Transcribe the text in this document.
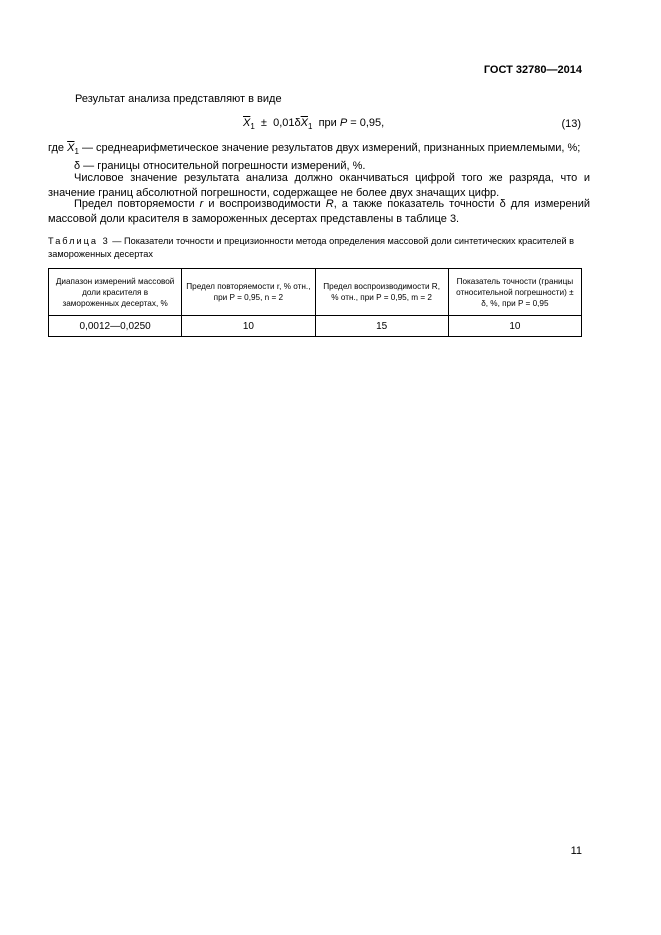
ГОСТ 32780—2014
Результат анализа представляют в виде
$\overline{X}_1 \pm 0,01\delta\overline{X}_1$ при P = 0,95,	(13)
где $\overline{X}_1$ — среднеарифметическое значение результатов двух измерений, признанных приемлемыми, %;
δ — границы относительной погрешности измерений, %.
Числовое значение результата анализа должно оканчиваться цифрой того же разряда, что и значение границ абсолютной погрешности, содержащее не более двух значащих цифр.
Предел повторяемости r и воспроизводимости R, а также показатель точности δ для измерений массовой доли красителя в замороженных десертах представлены в таблице 3.
Таблица 3 — Показатели точности и прецизионности метода определения массовой доли синтетических красителей в замороженных десертах
Диапазон измерений массовой доли красителя в замороженных десертах, %	Предел повторяемости r, % отн., при P = 0,95, n = 2	Предел воспроизводимости R, % отн., при P = 0,95, m = 2	Показатель точности (границы относительной погрешности) ± δ, %, при P = 0,95
0,0012—0,0250	10	15	10
11
